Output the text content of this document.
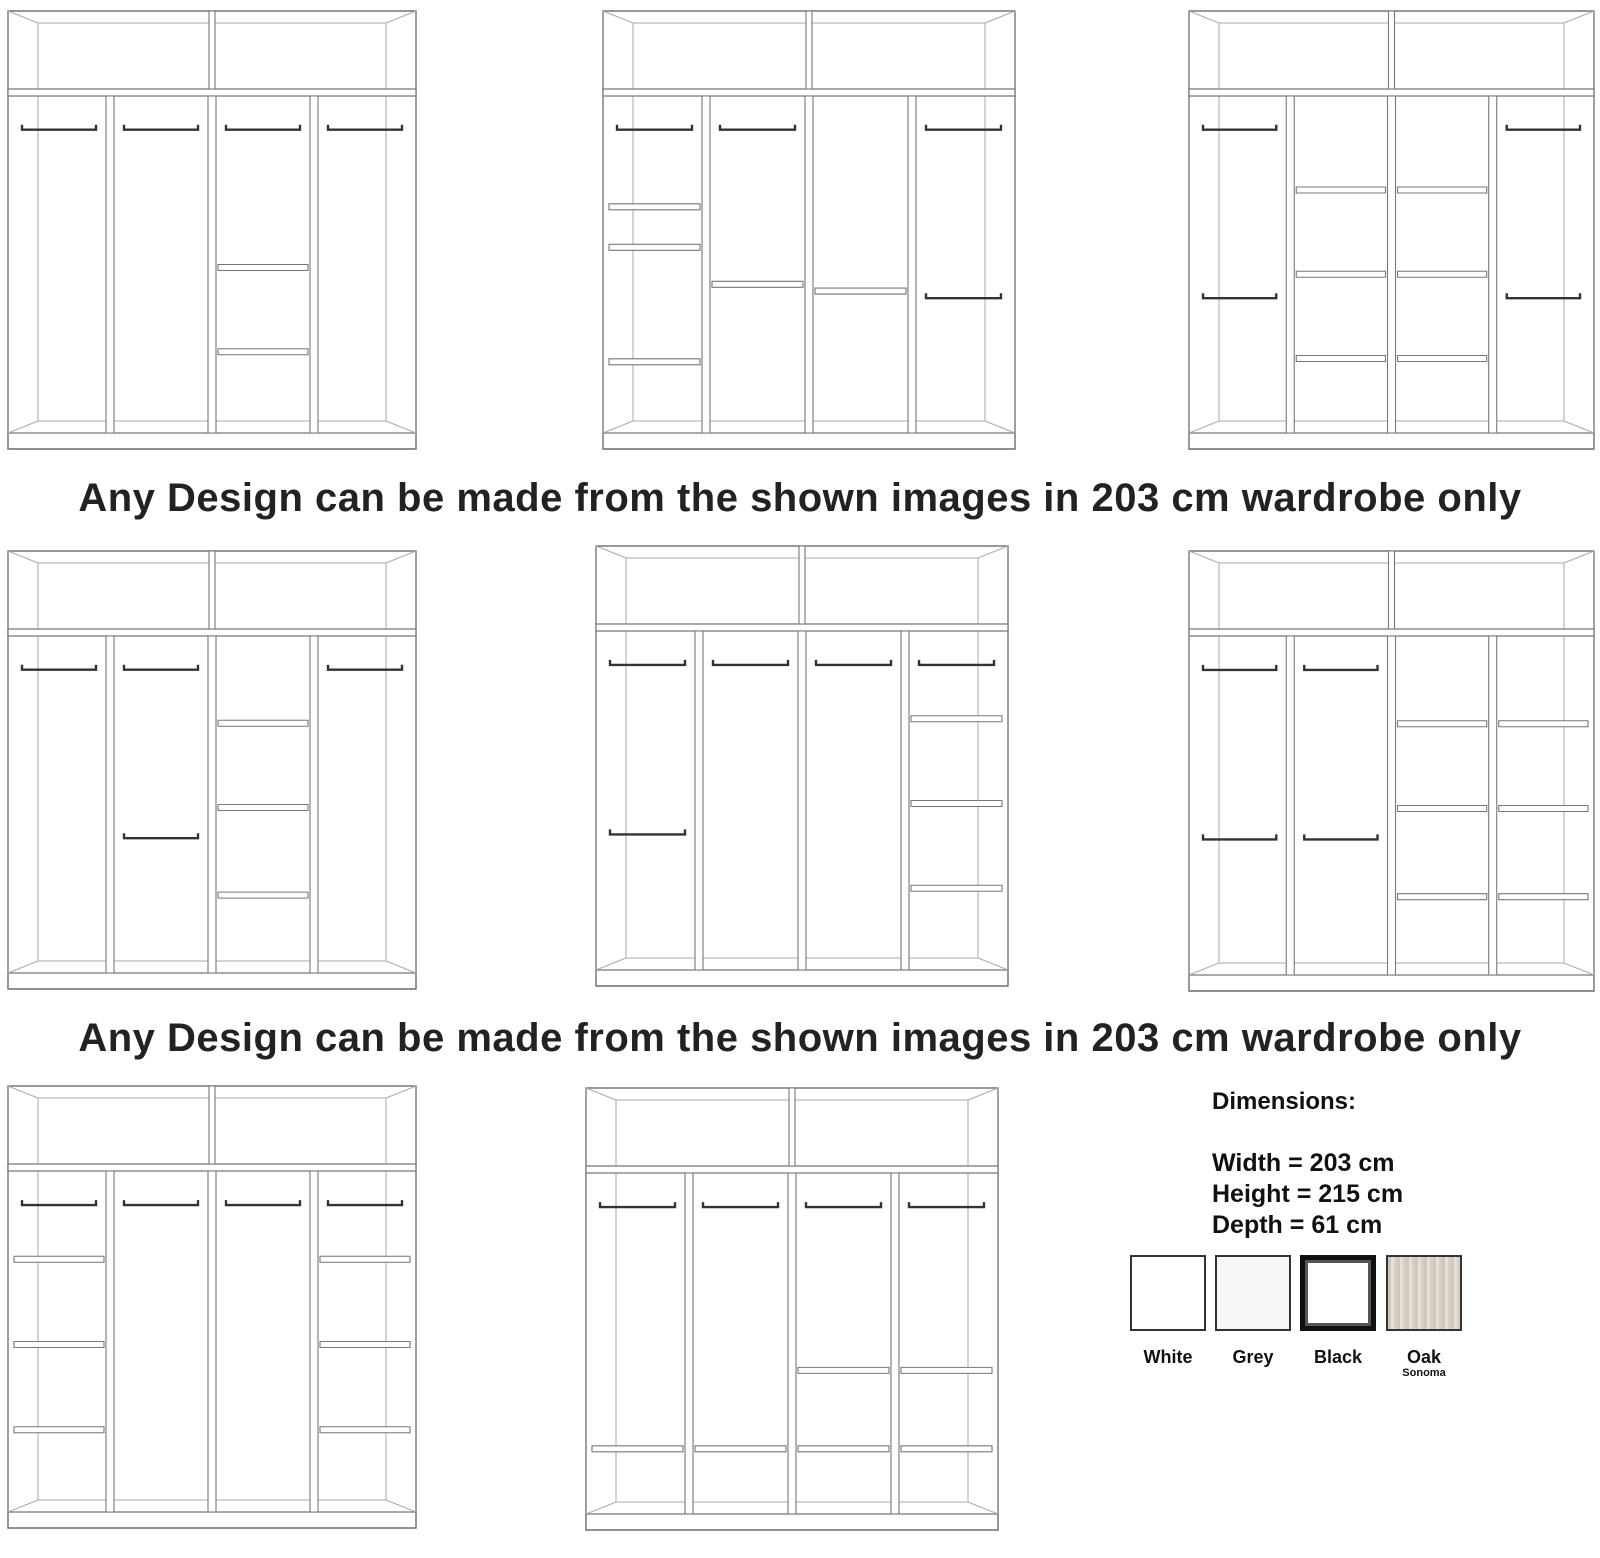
Any Design can be made from the shown images in 203 cm wardrobe only
Any Design can be made from the shown images in 203 cm wardrobe only
Dimensions:
Width = 203 cm
Height = 215 cm
Depth = 61 cm
White	Grey	Black	Oak
Sonoma
